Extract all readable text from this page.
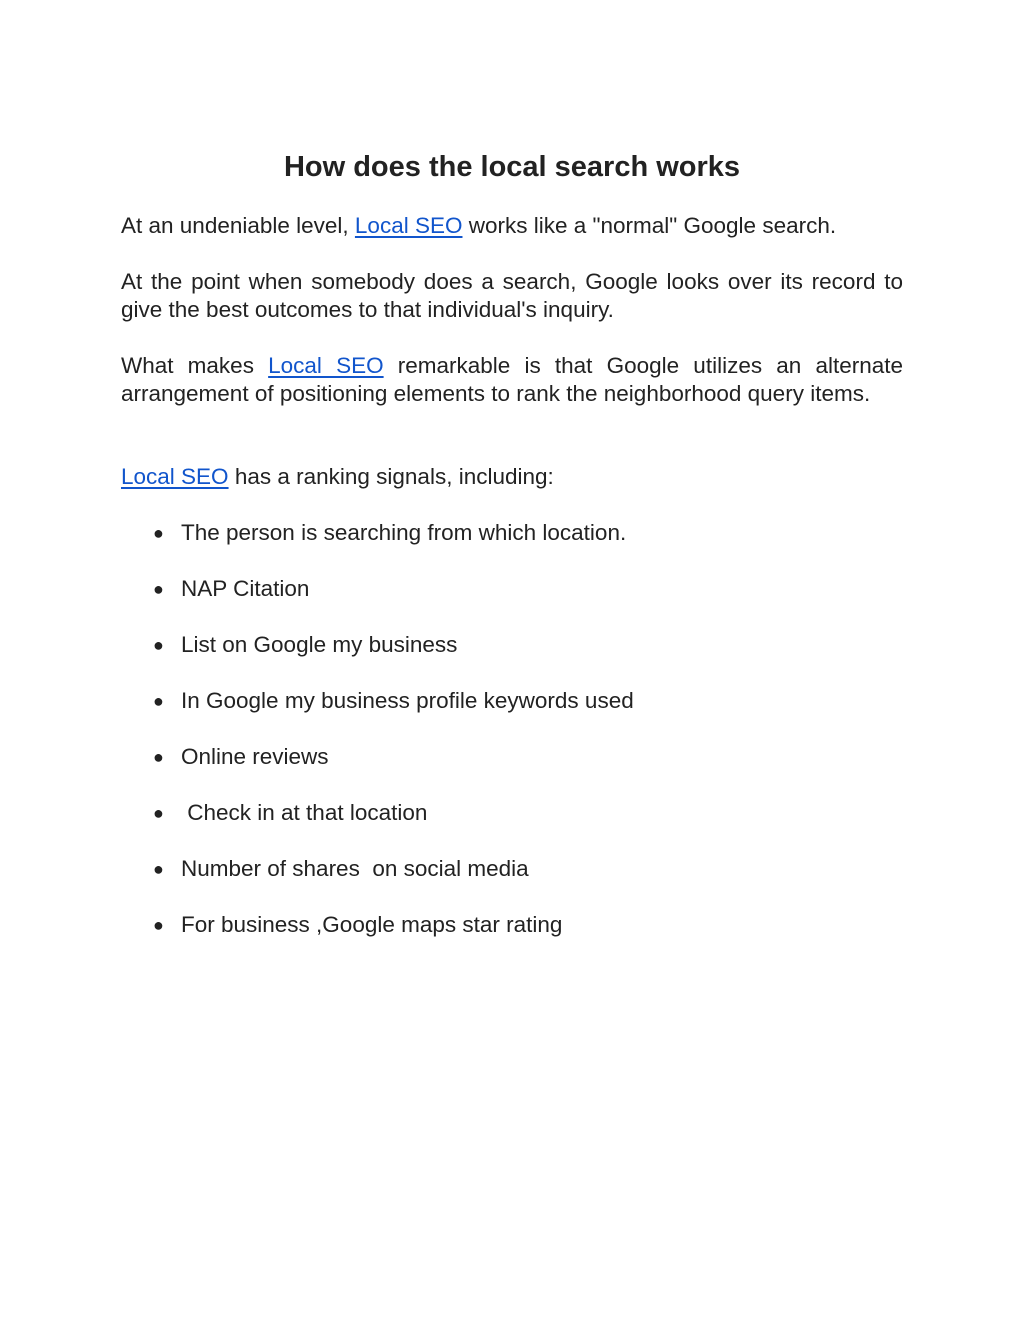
How does the local search works

At an undeniable level, Local SEO works like a "normal" Google search.

At the point when somebody does a search, Google looks over its record to give the best outcomes to that individual's inquiry.

What makes Local SEO remarkable is that Google utilizes an alternate arrangement of positioning elements to rank the neighborhood query items.

Local SEO has a ranking signals, including:

● The person is searching from which location.
● NAP Citation
● List on Google my business
● In Google my business profile keywords used
● Online reviews
● Check in at that location
● Number of shares  on social media
● For business ,Google maps star rating
